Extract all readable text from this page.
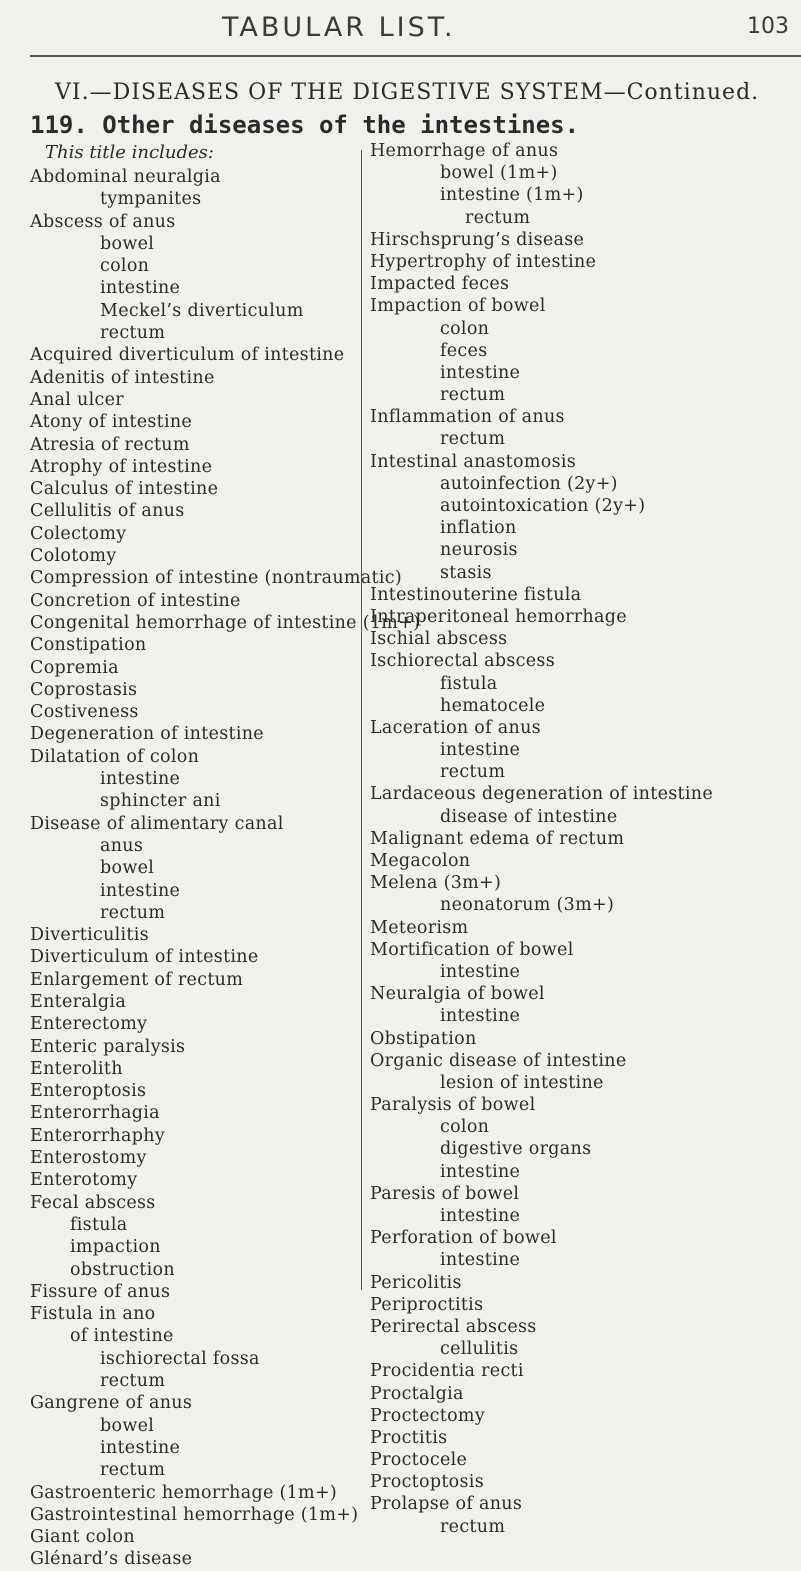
TABULAR LIST.	103
VI.—DISEASES OF THE DIGESTIVE SYSTEM—Continued.
119. Other diseases of the intestines.
This title includes:
Abdominal neuralgia
tympanites
Abscess of anus
bowel
colon
intestine
Meckel’s diverticulum
rectum
Acquired diverticulum of intestine
Adenitis of intestine
Anal ulcer
Atony of intestine
Atresia of rectum
Atrophy of intestine
Calculus of intestine
Cellulitis of anus
Colectomy
Colotomy
Compression of intestine (nontraumatic)
Concretion of intestine
Congenital hemorrhage of intestine (1m+)
Constipation
Copremia
Coprostasis
Costiveness
Degeneration of intestine
Dilatation of colon
intestine
sphincter ani
Disease of alimentary canal
anus
bowel
intestine
rectum
Diverticulitis
Diverticulum of intestine
Enlargement of rectum
Enteralgia
Enterectomy
Enteric paralysis
Enterolith
Enteroptosis
Enterorrhagia
Enterorrhaphy
Enterostomy
Enterotomy
Fecal abscess
fistula
impaction
obstruction
Fissure of anus
Fistula in ano
of intestine
ischiorectal fossa
rectum
Gangrene of anus
bowel
intestine
rectum
Gastroenteric hemorrhage (1m+)
Gastrointestinal hemorrhage (1m+)
Giant colon
Glénard’s disease
Hemorrhage of anus
bowel (1m+)
intestine (1m+)
rectum
Hirschsprung’s disease
Hypertrophy of intestine
Impacted feces
Impaction of bowel
colon
feces
intestine
rectum
Inflammation of anus
rectum
Intestinal anastomosis
autoinfection (2y+)
autointoxication (2y+)
inflation
neurosis
stasis
Intestinouterine fistula
Intraperitoneal hemorrhage
Ischial abscess
Ischiorectal abscess
fistula
hematocele
Laceration of anus
intestine
rectum
Lardaceous degeneration of intestine
disease of intestine
Malignant edema of rectum
Megacolon
Melena (3m+)
neonatorum (3m+)
Meteorism
Mortification of bowel
intestine
Neuralgia of bowel
intestine
Obstipation
Organic disease of intestine
lesion of intestine
Paralysis of bowel
colon
digestive organs
intestine
Paresis of bowel
intestine
Perforation of bowel
intestine
Pericolitis
Periproctitis
Perirectal abscess
cellulitis
Procidentia recti
Proctalgia
Proctectomy
Proctitis
Proctocele
Proctoptosis
Prolapse of anus
rectum
